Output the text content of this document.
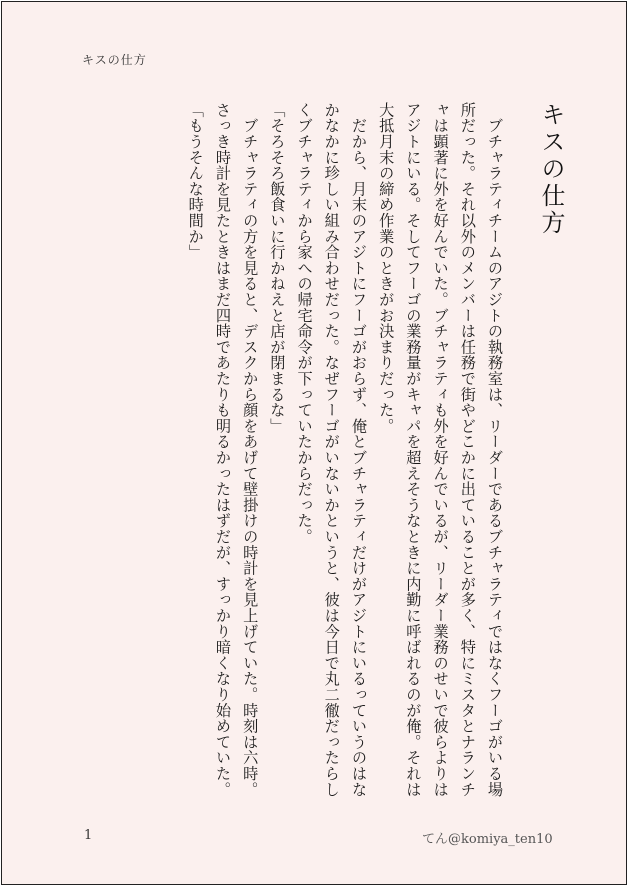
キスの仕方
キスの仕方

　ブチャラティチームのアジトの執務室は、リーダーであるブチャラティではなくフーゴがいる場所だった。それ以外のメンバーは任務で街やどこかに出ていることが多く、特にミスタとナランチャは顕著に外を好んでいた。ブチャラティも外を好んでいるが、リーダー業務のせいで彼らよりはアジトにいる。そしてフーゴの業務量がキャパを超えそうなときに内勤に呼ばれるのが俺。それは大抵月末の締め作業のときがお決まりだった。

　だから、月末のアジトにフーゴがおらず、俺とブチャラティだけがアジトにいるっていうのはなかなかに珍しい組み合わせだった。なぜフーゴがいないかというと、彼は今日で丸二徹だったらしくブチャラティから家への帰宅命令が下っていたからだった。

「そろそろ飯食いに行かねえと店が閉まるな」

　ブチャラティの方を見ると、デスクから顔をあげて壁掛けの時計を見上げていた。時刻は六時。さっき時計を見たときはまだ四時であたりも明るかったはずだが、すっかり暗くなり始めていた。

「もうそんな時間か」

1	てん@komiya_ten10
